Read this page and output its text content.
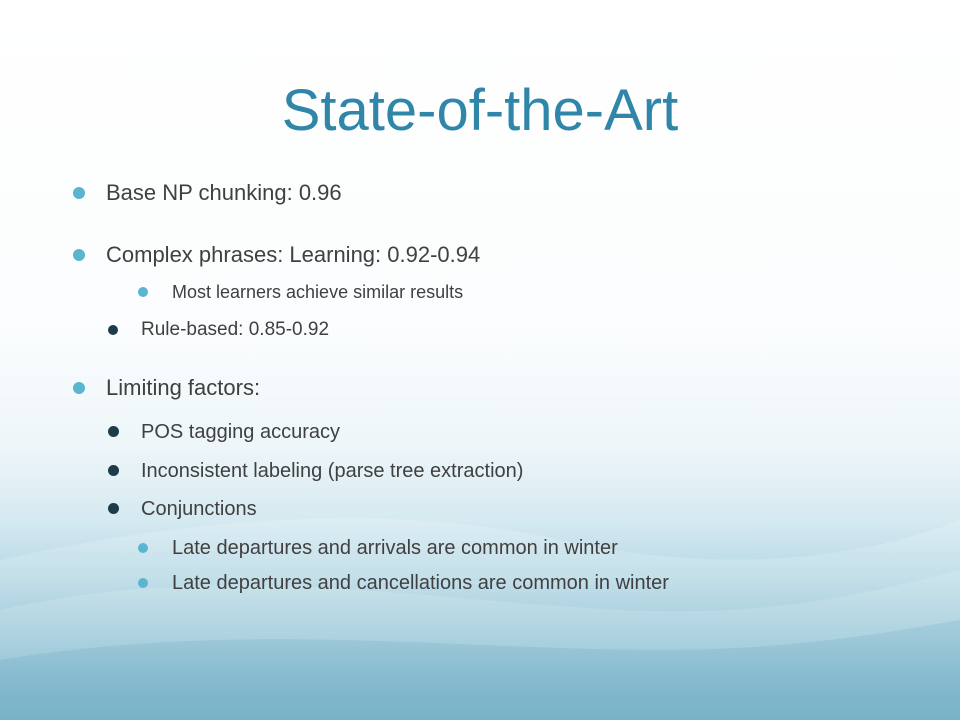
State-of-the-Art
Base NP chunking: 0.96
Complex phrases: Learning: 0.92-0.94
Most learners achieve similar results
Rule-based: 0.85-0.92
Limiting factors:
POS tagging accuracy
Inconsistent labeling (parse tree extraction)
Conjunctions
Late departures and arrivals are common in winter
Late departures and cancellations are common in winter
